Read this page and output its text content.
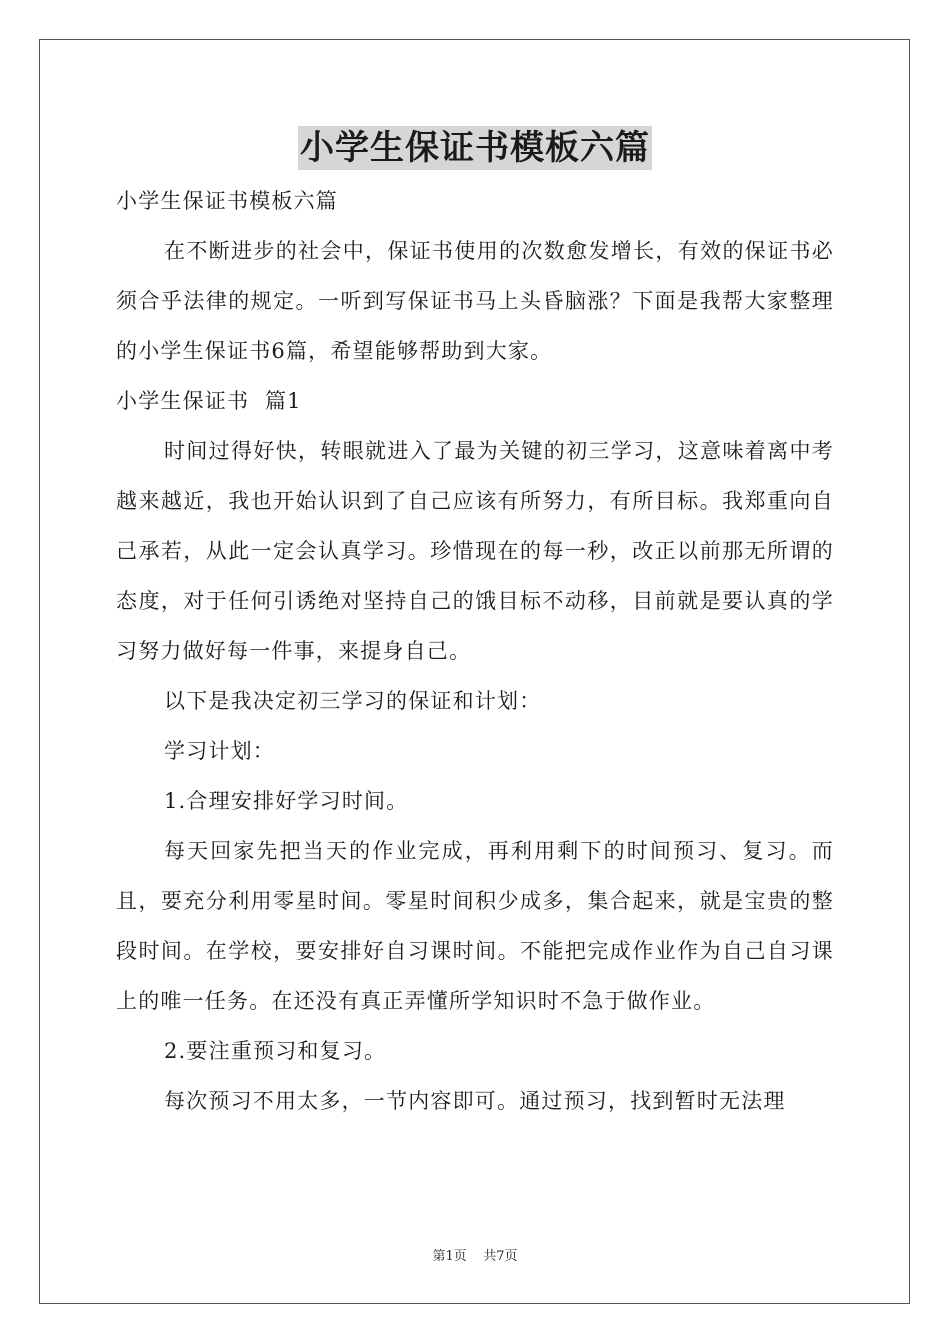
小学生保证书模板六篇

小学生保证书模板六篇

在不断进步的社会中，保证书使用的次数愈发增长，有效的保证书必须合乎法律的规定。一听到写保证书马上头昏脑涨？下面是我帮大家整理的小学生保证书6篇，希望能够帮助到大家。

小学生保证书  篇1

时间过得好快，转眼就进入了最为关键的初三学习，这意味着离中考越来越近，我也开始认识到了自己应该有所努力，有所目标。我郑重向自己承若，从此一定会认真学习。珍惜现在的每一秒，改正以前那无所谓的态度，对于任何引诱绝对坚持自己的饿目标不动移，目前就是要认真的学习努力做好每一件事，来提身自己。

以下是我决定初三学习的保证和计划：

学习计划：

1.合理安排好学习时间。

每天回家先把当天的作业完成，再利用剩下的时间预习、复习。而且，要充分利用零星时间。零星时间积少成多，集合起来，就是宝贵的整段时间。在学校，要安排好自习课时间。不能把完成作业作为自己自习课上的唯一任务。在还没有真正弄懂所学知识时不急于做作业。

2.要注重预习和复习。

每次预习不用太多，一节内容即可。通过预习，找到暂时无法理

第1页 共7页
